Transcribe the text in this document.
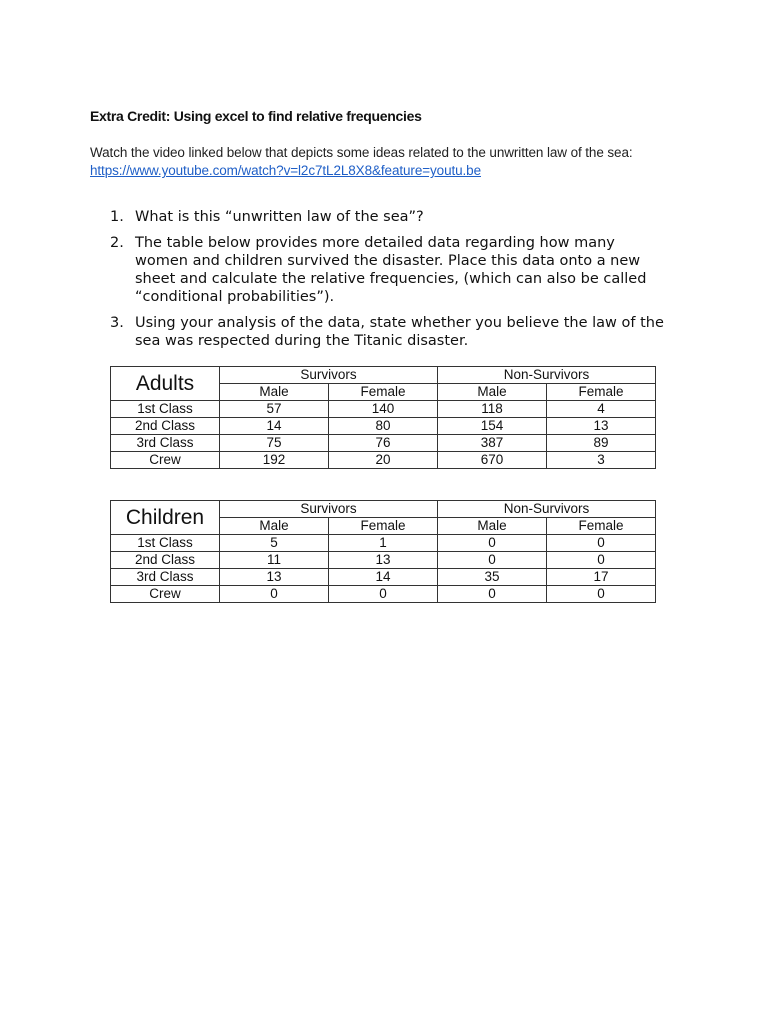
Extra Credit: Using excel to find relative frequencies
Watch the video linked below that depicts some ideas related to the unwritten law of the sea:
https://www.youtube.com/watch?v=l2c7tL2L8X8&feature=youtu.be
1. What is this “unwritten law of the sea”?
2. The table below provides more detailed data regarding how many women and children survived the disaster. Place this data onto a new sheet and calculate the relative frequencies, (which can also be called “conditional probabilities”).
3. Using your analysis of the data, state whether you believe the law of the sea was respected during the Titanic disaster.
Adults	Survivors		Non-Survivors	
	Male	Female	Male	Female
1st Class	57	140	118	4
2nd Class	14	80	154	13
3rd Class	75	76	387	89
Crew	192	20	670	3
Children	Survivors		Non-Survivors	
	Male	Female	Male	Female
1st Class	5	1	0	0
2nd Class	11	13	0	0
3rd Class	13	14	35	17
Crew	0	0	0	0
